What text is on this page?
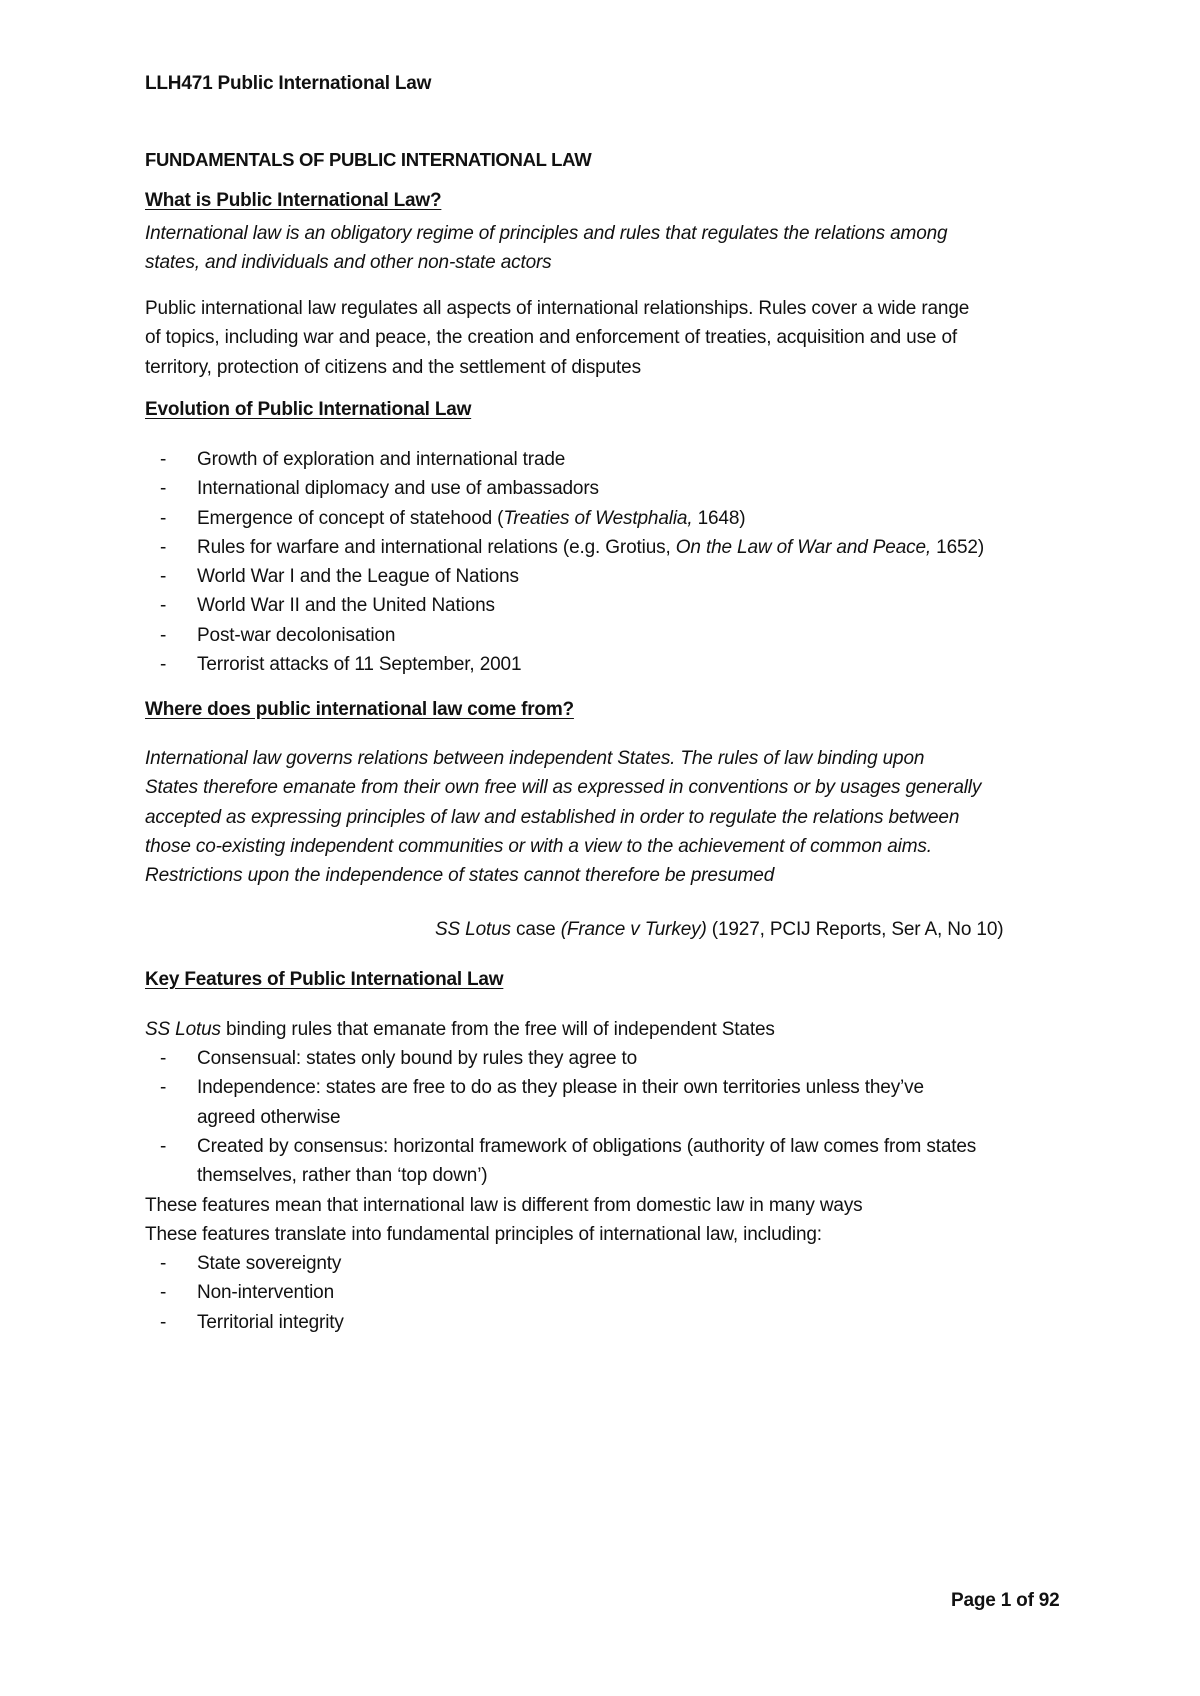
LLH471 Public International Law
FUNDAMENTALS OF PUBLIC INTERNATIONAL LAW
What is Public International Law?
International law is an obligatory regime of principles and rules that regulates the relations among
states, and individuals and other non-state actors
Public international law regulates all aspects of international relationships. Rules cover a wide range
of topics, including war and peace, the creation and enforcement of treaties, acquisition and use of
territory, protection of citizens and the settlement of disputes
Evolution of Public International Law
- Growth of exploration and international trade
- International diplomacy and use of ambassadors
- Emergence of concept of statehood (Treaties of Westphalia, 1648)
- Rules for warfare and international relations (e.g. Grotius, On the Law of War and Peace, 1652)
- World War I and the League of Nations
- World War II and the United Nations
- Post-war decolonisation
- Terrorist attacks of 11 September, 2001
Where does public international law come from?
International law governs relations between independent States. The rules of law binding upon
States therefore emanate from their own free will as expressed in conventions or by usages generally
accepted as expressing principles of law and established in order to regulate the relations between
those co-existing independent communities or with a view to the achievement of common aims.
Restrictions upon the independence of states cannot therefore be presumed
SS Lotus case (France v Turkey) (1927, PCIJ Reports, Ser A, No 10)
Key Features of Public International Law
SS Lotus binding rules that emanate from the free will of independent States
- Consensual: states only bound by rules they agree to
- Independence: states are free to do as they please in their own territories unless they’ve
agreed otherwise
- Created by consensus: horizontal framework of obligations (authority of law comes from states
themselves, rather than ‘top down’)
These features mean that international law is different from domestic law in many ways
These features translate into fundamental principles of international law, including:
- State sovereignty
- Non-intervention
- Territorial integrity
Page 1 of 92
